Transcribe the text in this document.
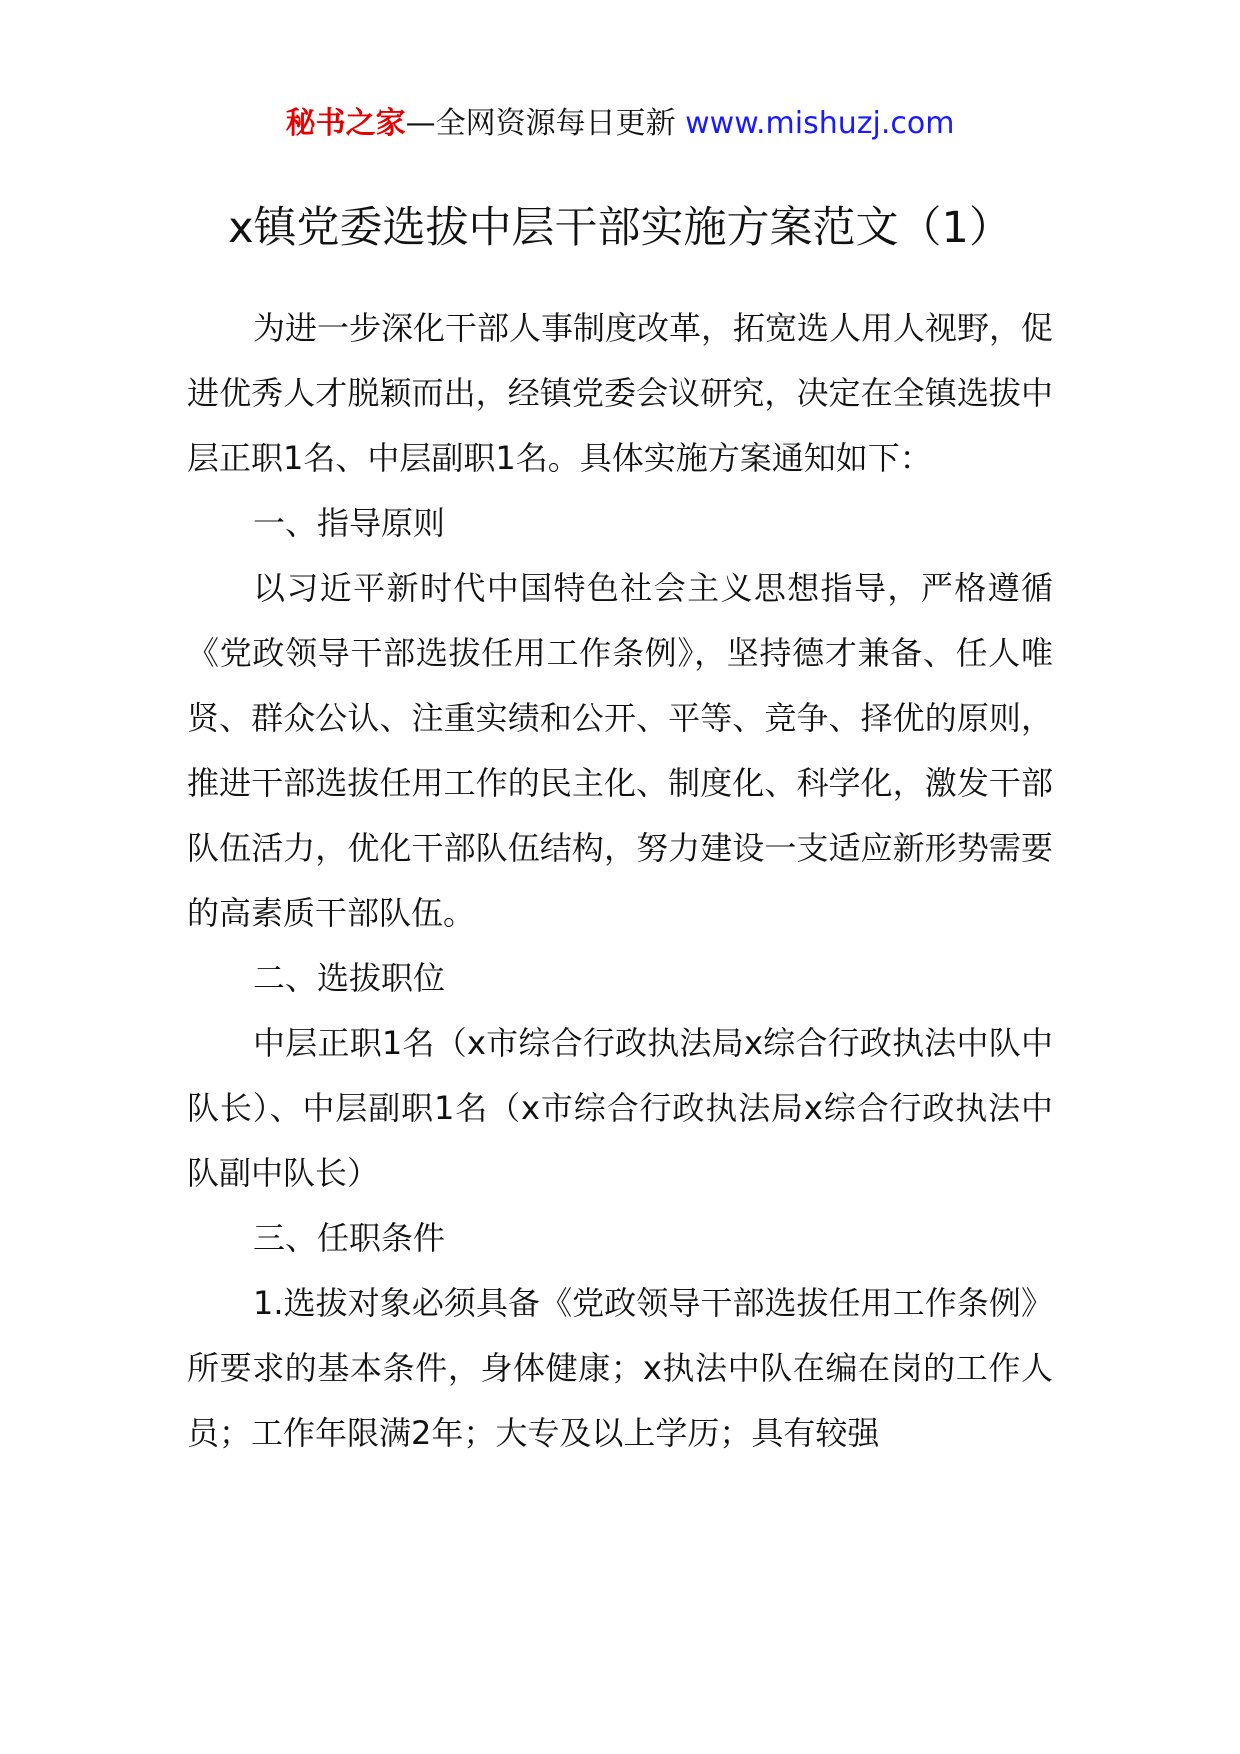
秘书之家—全网资源每日更新 www.mishuzj.com
x镇党委选拔中层干部实施方案范文（1）

为进一步深化干部人事制度改革，拓宽选人用人视野，促进优秀人才脱颖而出，经镇党委会议研究，决定在全镇选拔中层正职1名、中层副职1名。具体实施方案通知如下：

一、指导原则

以习近平新时代中国特色社会主义思想指导，严格遵循《党政领导干部选拔任用工作条例》，坚持德才兼备、任人唯贤、群众公认、注重实绩和公开、平等、竞争、择优的原则，推进干部选拔任用工作的民主化、制度化、科学化，激发干部队伍活力，优化干部队伍结构，努力建设一支适应新形势需要的高素质干部队伍。

二、选拔职位

中层正职1名（x市综合行政执法局x综合行政执法中队中队长）、中层副职1名（x市综合行政执法局x综合行政执法中队副中队长）

三、任职条件

1.选拔对象必须具备《党政领导干部选拔任用工作条例》所要求的基本条件，身体健康；x执法中队在编在岗的工作人员；工作年限满2年；大专及以上学历；具有较强
